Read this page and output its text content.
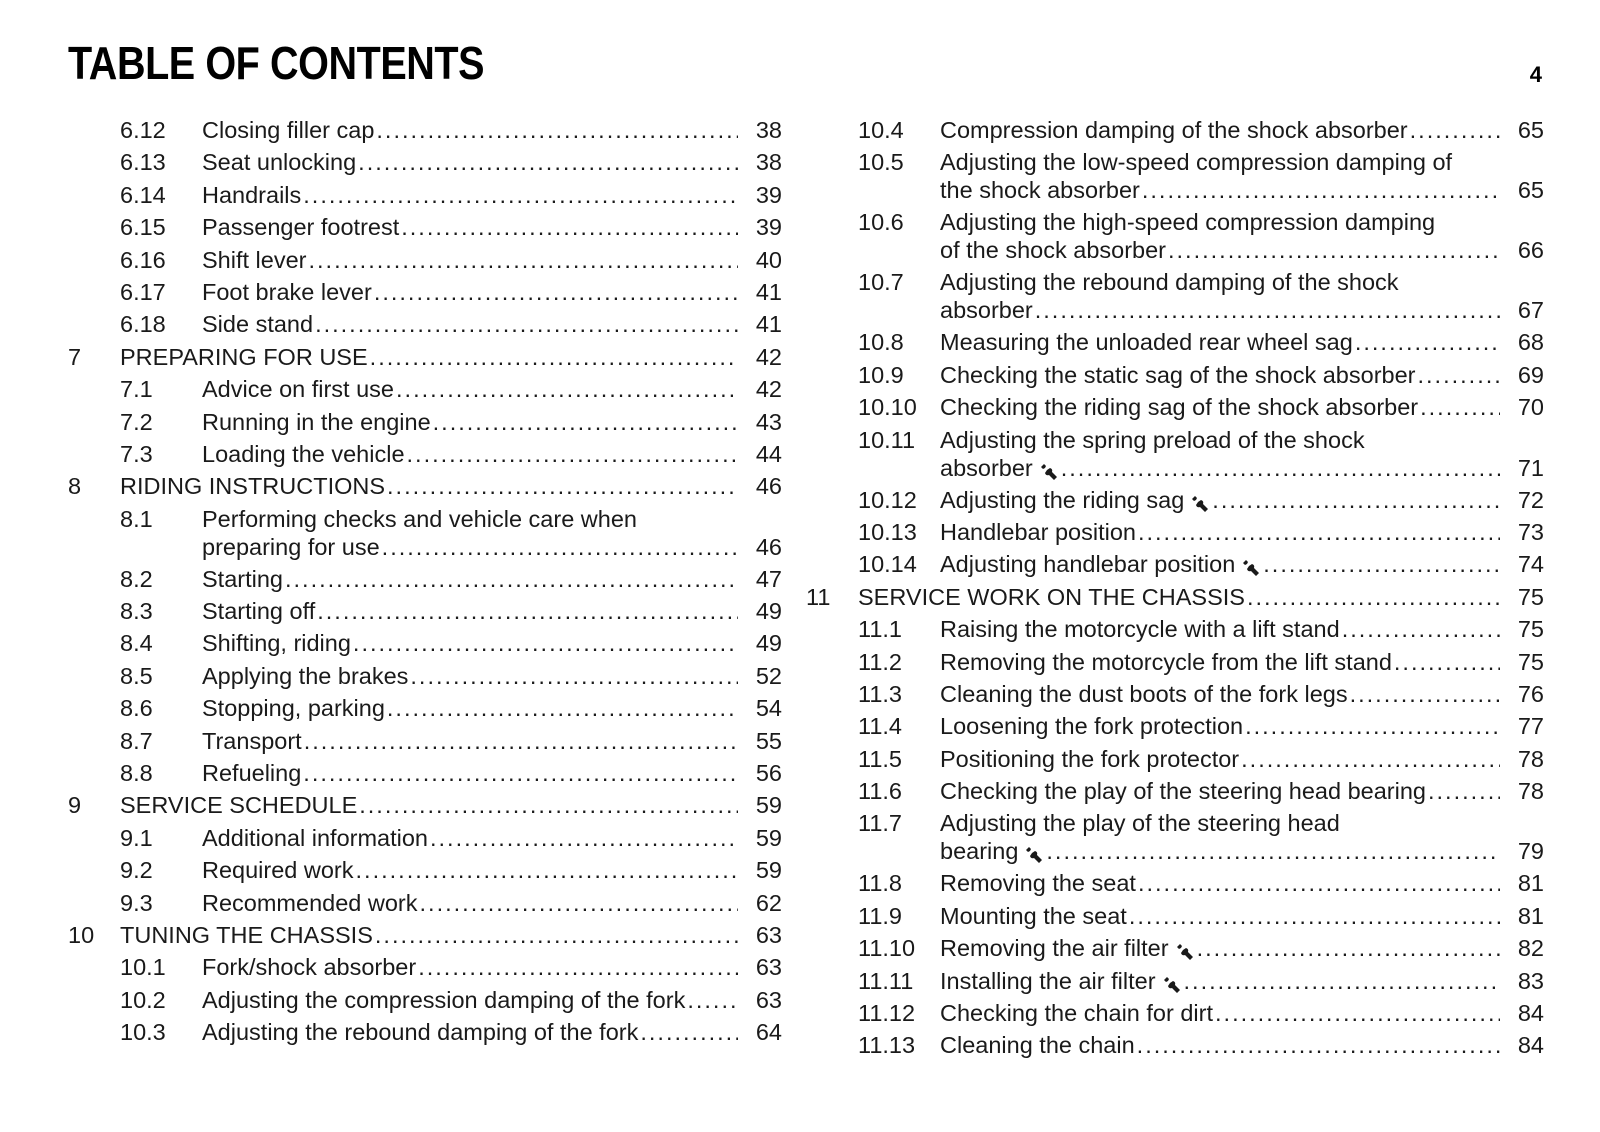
TABLE OF CONTENTS	4
6.12	Closing filler cap .....	38
6.13	Seat unlocking .....	38
6.14	Handrails .....	39
6.15	Passenger footrest .....	39
6.16	Shift lever .....	40
6.17	Foot brake lever .....	41
6.18	Side stand .....	41
7	PREPARING FOR USE .....	42
7.1	Advice on first use .....	42
7.2	Running in the engine .....	43
7.3	Loading the vehicle .....	44
8	RIDING INSTRUCTIONS .....	46
8.1	Performing checks and vehicle care when
preparing for use .....	46
8.2	Starting .....	47
8.3	Starting off .....	49
8.4	Shifting, riding .....	49
8.5	Applying the brakes .....	52
8.6	Stopping, parking .....	54
8.7	Transport .....	55
8.8	Refueling .....	56
9	SERVICE SCHEDULE .....	59
9.1	Additional information .....	59
9.2	Required work .....	59
9.3	Recommended work .....	62
10	TUNING THE CHASSIS .....	63
10.1	Fork/shock absorber .....	63
10.2	Adjusting the compression damping of the fork .....	63
10.3	Adjusting the rebound damping of the fork .....	64
10.4	Compression damping of the shock absorber .....	65
10.5	Adjusting the low-speed compression damping of
the shock absorber .....	65
10.6	Adjusting the high-speed compression damping
of the shock absorber .....	66
10.7	Adjusting the rebound damping of the shock
absorber .....	67
10.8	Measuring the unloaded rear wheel sag .....	68
10.9	Checking the static sag of the shock absorber .....	69
10.10 Checking the riding sag of the shock absorber .....	70
10.11	Adjusting the spring preload of the shock
absorber .....	71
10.12 Adjusting the riding sag .....	72
10.13 Handlebar position .....	73
10.14 Adjusting handlebar position .....	74
11	SERVICE WORK ON THE CHASSIS .....	75
11.1	Raising the motorcycle with a lift stand .....	75
11.2	Removing the motorcycle from the lift stand .....	75
11.3	Cleaning the dust boots of the fork legs .....	76
11.4	Loosening the fork protection .....	77
11.5	Positioning the fork protector .....	78
11.6	Checking the play of the steering head bearing .....	78
11.7	Adjusting the play of the steering head
bearing .....	79
11.8	Removing the seat .....	81
11.9	Mounting the seat .....	81
11.10	Removing the air filter .....	82
11.11	Installing the air filter .....	83
11.12	Checking the chain for dirt .....	84
11.13	Cleaning the chain .....	84
